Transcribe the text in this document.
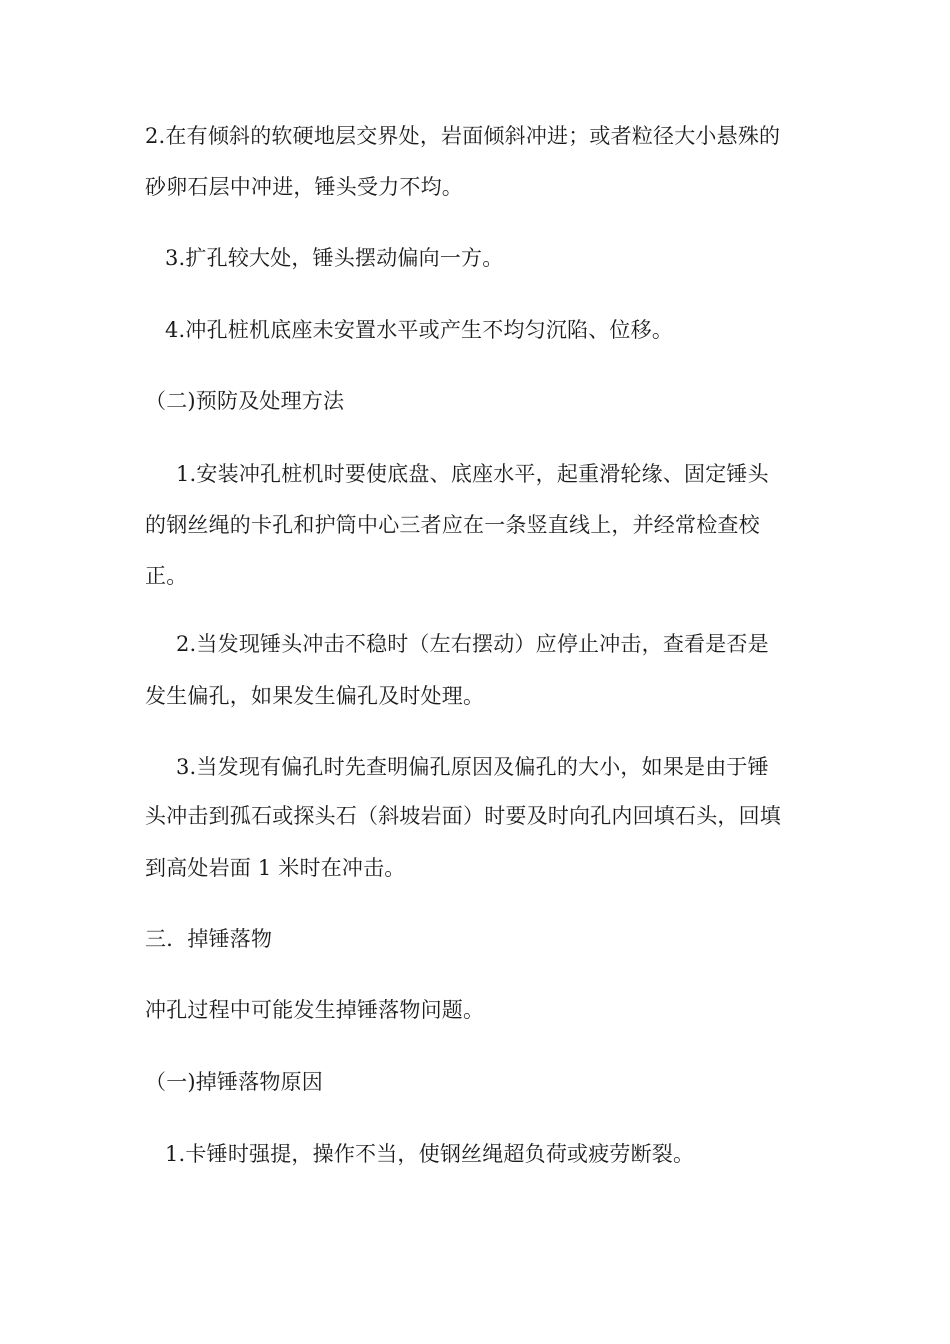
2.在有倾斜的软硬地层交界处，岩面倾斜冲进；或者粒径大小悬殊的
砂卵石层中冲进，锤头受力不均。
3.扩孔较大处，锤头摆动偏向一方。
4.冲孔桩机底座未安置水平或产生不均匀沉陷、位移。
（二)预防及处理方法
1.安装冲孔桩机时要使底盘、底座水平，起重滑轮缘、固定锤头
的钢丝绳的卡孔和护筒中心三者应在一条竖直线上，并经常检查校
正。
2.当发现锤头冲击不稳时（左右摆动）应停止冲击，查看是否是
发生偏孔，如果发生偏孔及时处理。
3.当发现有偏孔时先查明偏孔原因及偏孔的大小，如果是由于锤
头冲击到孤石或探头石（斜坡岩面）时要及时向孔内回填石头，回填
到高处岩面 1 米时在冲击。
三．掉锤落物
冲孔过程中可能发生掉锤落物问题。
（一)掉锤落物原因
1.卡锤时强提，操作不当，使钢丝绳超负荷或疲劳断裂。
